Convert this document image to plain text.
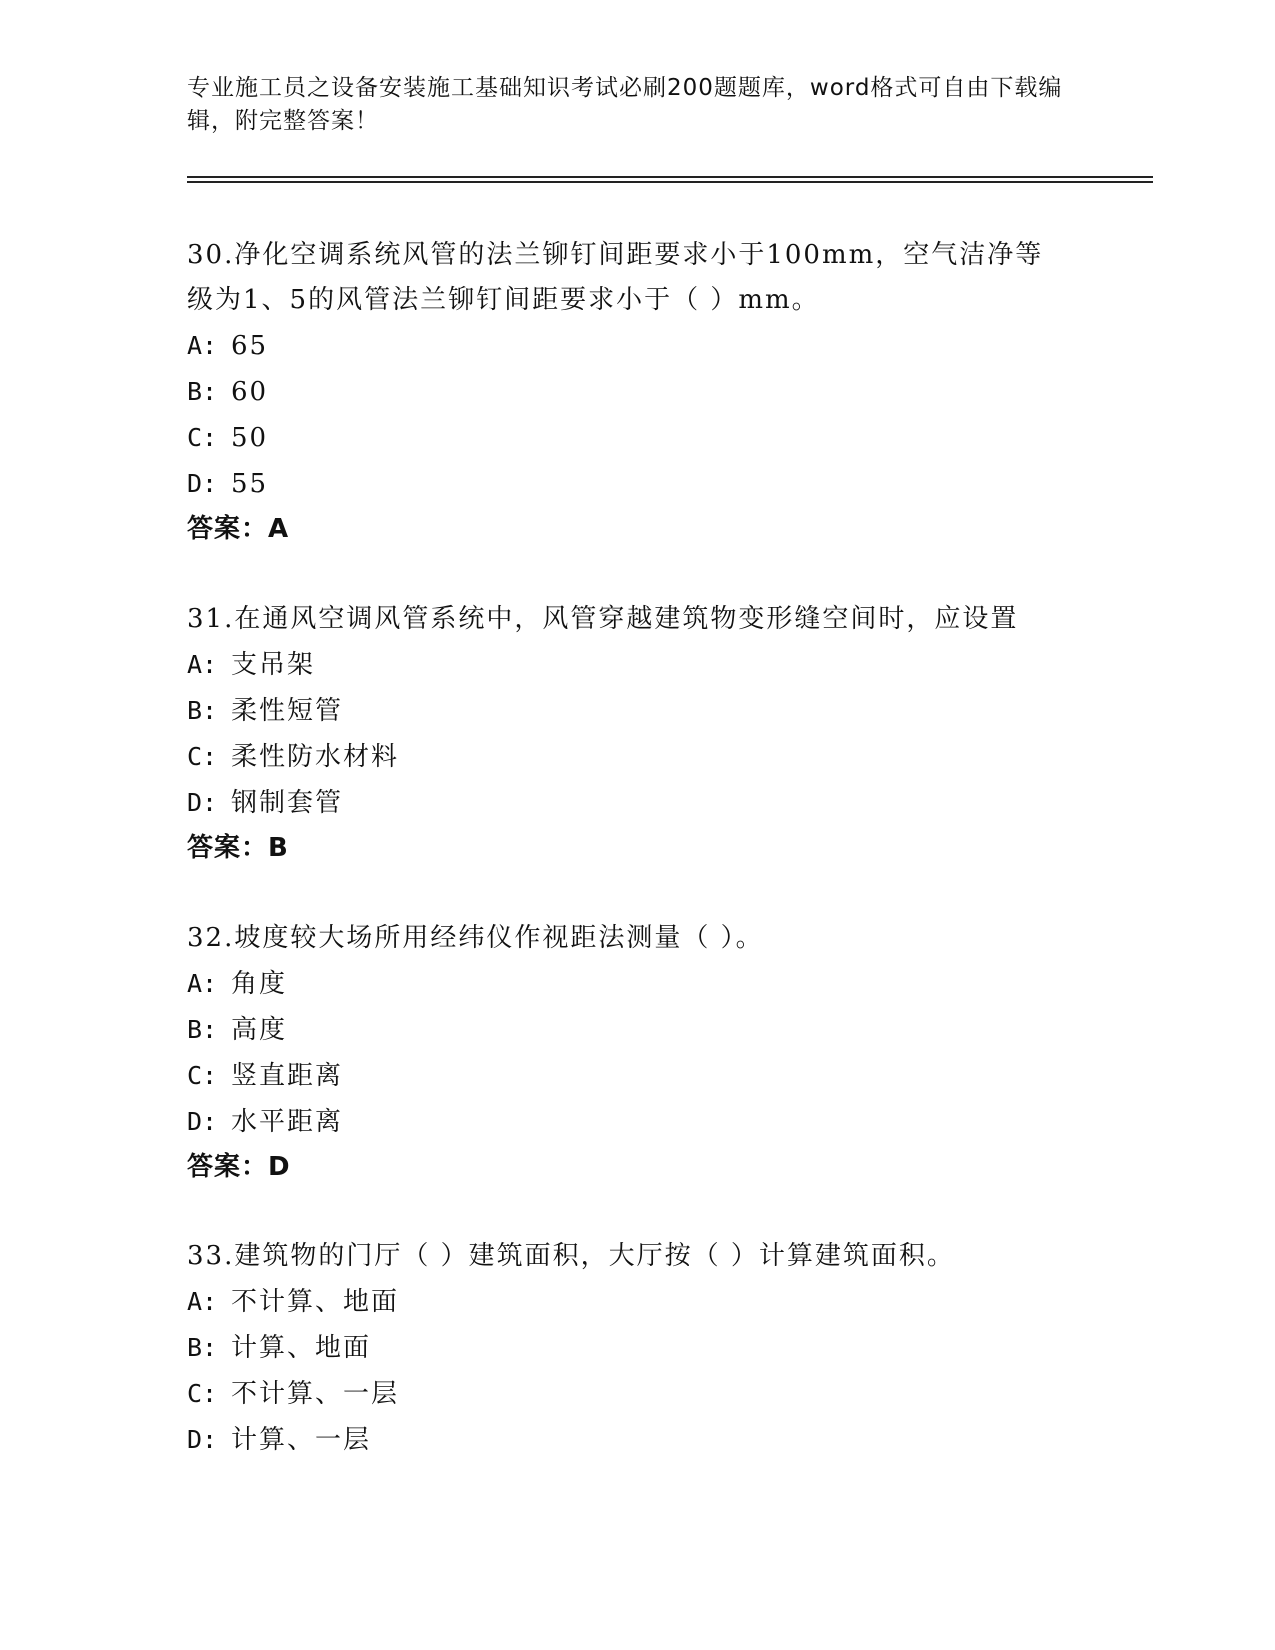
专业施工员之设备安装施工基础知识考试必刷200题题库，word格式可自由下载编辑，附完整答案！

30.净化空调系统风管的法兰铆钉间距要求小于100mm，空气洁净等级为1、5的风管法兰铆钉间距要求小于（ ）mm。

A: 65

B: 60

C: 50

D: 55

答案：A

31.在通风空调风管系统中，风管穿越建筑物变形缝空间时，应设置

A: 支吊架

B: 柔性短管

C: 柔性防水材料

D: 钢制套管

答案：B

32.坡度较大场所用经纬仪作视距法测量（ ）。

A: 角度

B: 高度

C: 竖直距离

D: 水平距离

答案：D

33.建筑物的门厅（ ）建筑面积，大厅按（ ）计算建筑面积。

A: 不计算、地面

B: 计算、地面

C: 不计算、一层

D: 计算、一层
